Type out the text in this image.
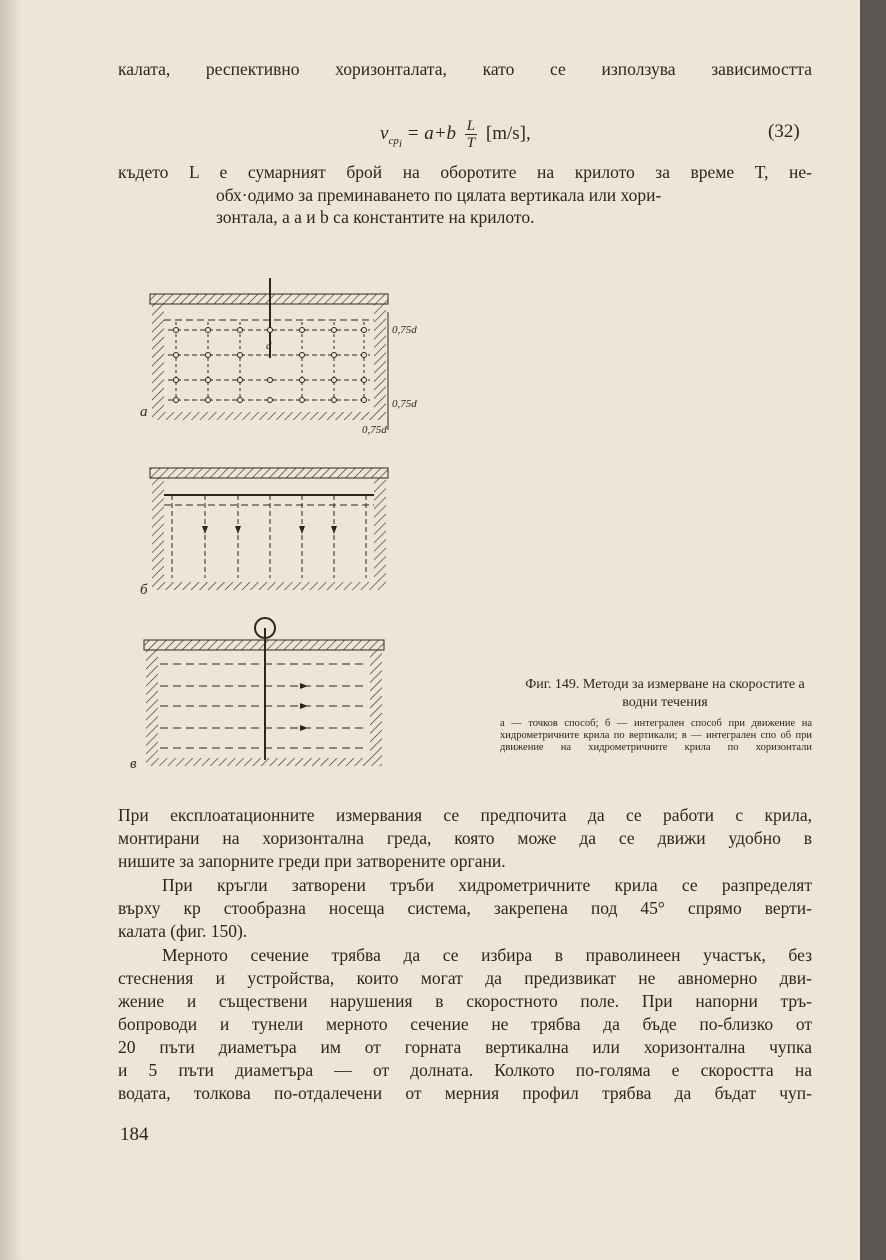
калата, респективно хоризонталата, като се използува зависимостта
$v_{ср_i} = a+b \frac{L}{T} [m/s]$,	(32)
където L е сумарният брой на оборотите на крилото за време T, не-
обх·одимо за преминаването по цялата вертикала или хори-
зонтала, а a и b са константите на крилото.
0,75d
0,75d
0,75d
d
a
б
в
Фиг. 149. Методи за измерване на скоростите а водни течения
а — точков способ; б — интегрален способ при движение на хидрометричните крила по вертикали; в — интегрален спо об при движение на хидрометричните крила по хоризонтали
При експлоатационните измервания се предпочита да се работи с крила,
монтирани на хоризонтална греда, която може да се движи удобно в
нишите за запорните греди при затворените органи.
При кръгли затворени тръби хидрометричните крила се разпределят
върху кр стообразна носеща система, закрепена под 45° спрямо верти-
калата (фиг. 150).
Мерното сечение трябва да се избира в праволинеен участък, без
стеснения и устройства, които могат да предизвикат не авномерно дви-
жение и съществени нарушения в скоростното поле. При напорни тръ-
бопроводи и тунели мерното сечение не трябва да бъде по-близко от
20 пъти диаметъра им от горната вертикална или хоризонтална чупка
и 5 пъти диаметъра — от долната. Колкото по-голяма е скоростта на
водата, толкова по-отдалечени от мерния профил трябва да бъдат чуп-
184
